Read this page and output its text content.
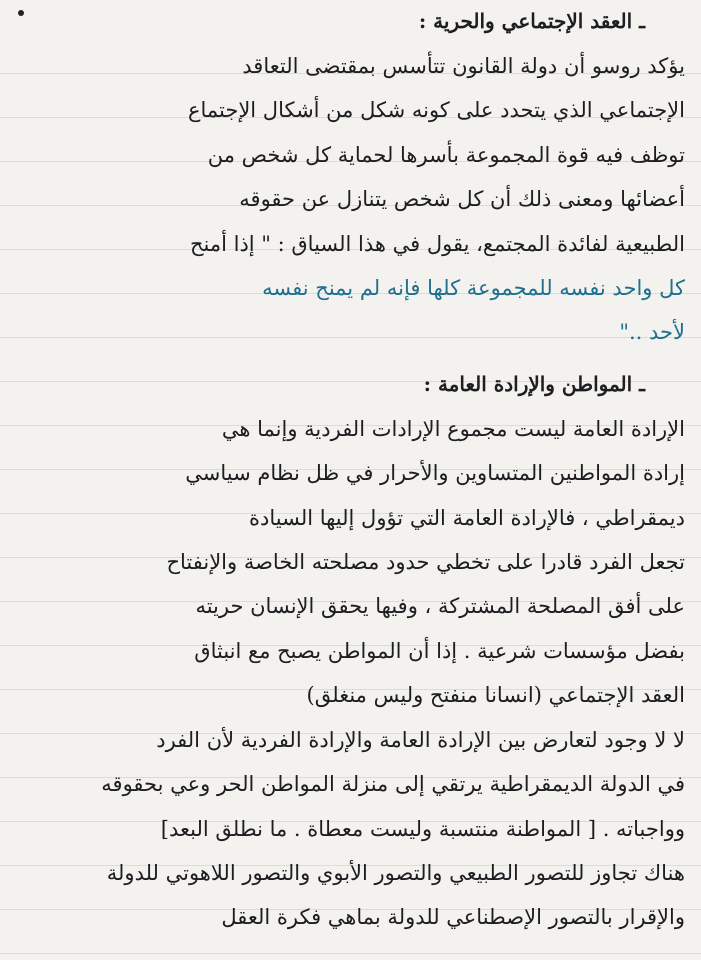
ـ العقد الإجتماعي والحرية :

يؤكد روسو أن دولة القانون تتأسس بمقتضى التعاقد
الإجتماعي الذي يتحدد على كونه شكل من أشكال الإجتماع
توظف فيه قوة المجموعة بأسرها لحماية كل شخص من
أعضائها ومعنى ذلك أن كل شخص يتنازل عن حقوقه
الطبيعية لفائدة المجتمع، يقول في هذا السياق : " إذا أمنح
كل واحد نفسه للمجموعة كلها فإنه لم يمنح نفسه
لأحد .."

ـ المواطن والإرادة العامة :

الإرادة العامة ليست مجموع الإرادات الفردية وإنما هي
إرادة المواطنين المتساوين والأحرار في ظل نظام سياسي
ديمقراطي ، فالإرادة العامة التي تؤول إليها السيادة
تجعل الفرد قادرا على تخطي حدود مصلحته الخاصة والإنفتاح
على أفق المصلحة المشتركة ، وفيها يحقق الإنسان حريته
بفضل مؤسسات شرعية . إذا أن المواطن يصبح مع انبثاق
العقد الإجتماعي (انسانا منفتح وليس منغلق)
لا لا وجود لتعارض بين الإرادة العامة والإرادة الفردية لأن الفرد
في الدولة الديمقراطية يرتقي إلى منزلة المواطن الحر وعي بحقوقه
وواجباته . [ المواطنة منتسبة وليست معطاة . ما نطلق البعد]
هناك تجاوز للتصور الطبيعي والتصور الأبوي والتصور اللاهوتي للدولة
والإقرار بالتصور الإصطناعي للدولة بماهي فكرة العقل
